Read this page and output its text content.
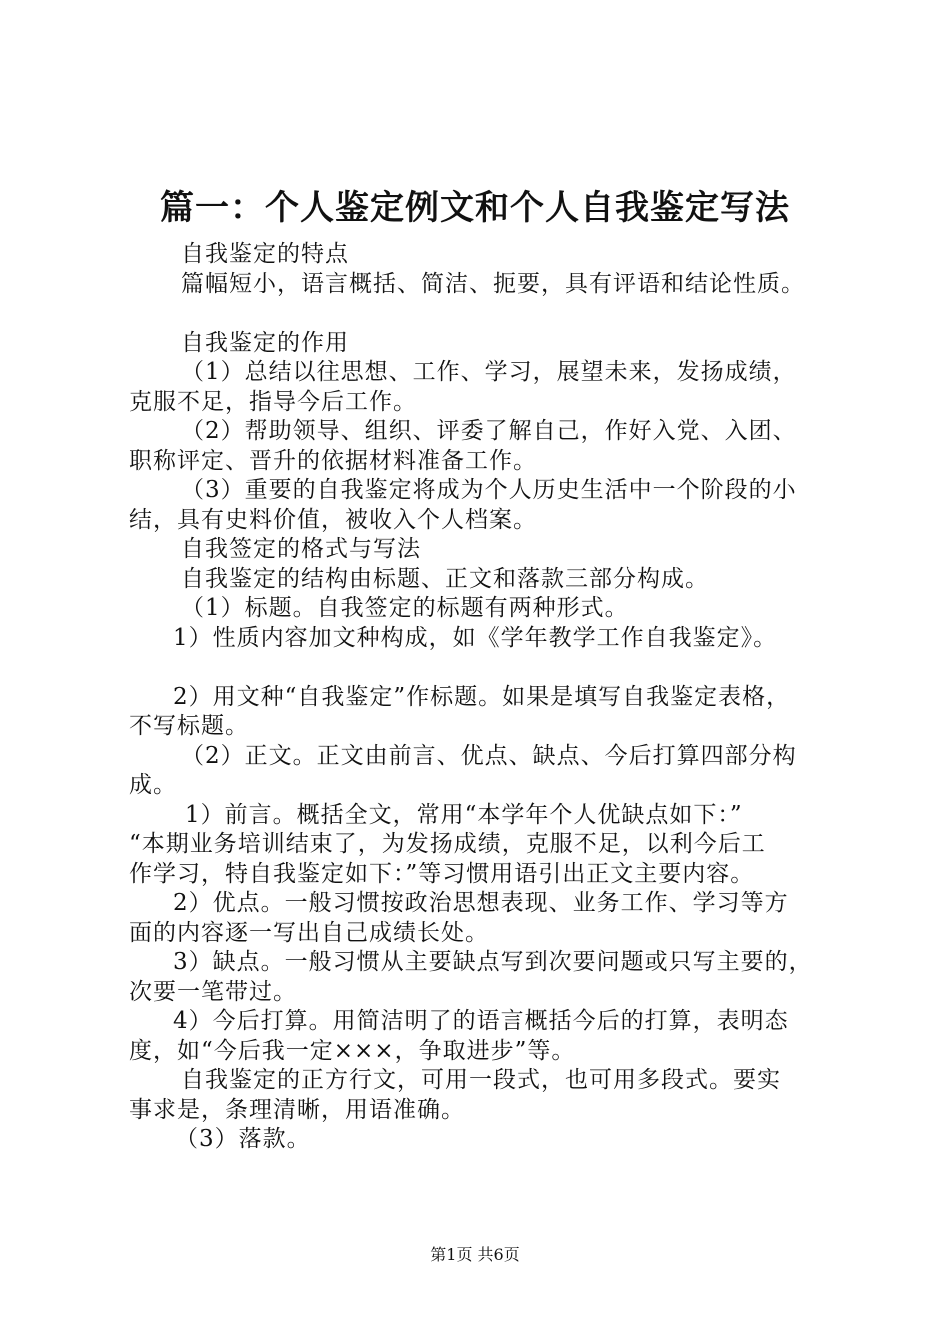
篇一：个人鉴定例文和个人自我鉴定写法
自我鉴定的特点
篇幅短小，语言概括、简洁、扼要，具有评语和结论性质。
自我鉴定的作用
（1）总结以往思想、工作、学习，展望未来，发扬成绩，
克服不足，指导今后工作。
（2）帮助领导、组织、评委了解自己，作好入党、入团、
职称评定、晋升的依据材料准备工作。
（3）重要的自我鉴定将成为个人历史生活中一个阶段的小
结，具有史料价值，被收入个人档案。
自我签定的格式与写法
自我鉴定的结构由标题、正文和落款三部分构成。
（1）标题。自我签定的标题有两种形式。
1）性质内容加文种构成，如《学年教学工作自我鉴定》。
2）用文种“自我鉴定”作标题。如果是填写自我鉴定表格，
不写标题。
（2）正文。正文由前言、优点、缺点、今后打算四部分构
成。
1）前言。概括全文，常用“本学年个人优缺点如下：”
“本期业务培训结束了，为发扬成绩，克服不足，以利今后工
作学习，特自我鉴定如下：”等习惯用语引出正文主要内容。
2）优点。一般习惯按政治思想表现、业务工作、学习等方
面的内容逐一写出自己成绩长处。
3）缺点。一般习惯从主要缺点写到次要问题或只写主要的，
次要一笔带过。
4）今后打算。用简洁明了的语言概括今后的打算，表明态
度，如“今后我一定×××，争取进步”等。
自我鉴定的正方行文，可用一段式，也可用多段式。要实
事求是，条理清晰，用语准确。
（3）落款。
第1页 共6页
